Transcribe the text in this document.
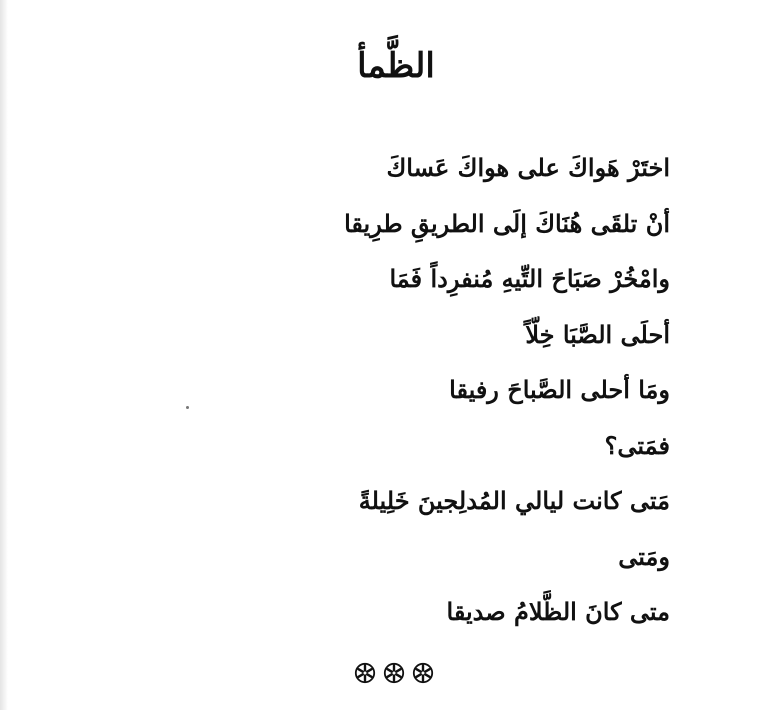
الظَّمأ
اختَرْ هَواكَ على هواكَ عَساكَ
أنْ تلقَى هُنَاكَ إلَى الطريقِ طرِيقا
وامْخُرْ صَبَاحَ التِّيهِ مُنفرِداً فَمَا
أحلَى الصَّبَا خِلّاً
ومَا أحلى الصَّباحَ رفيقا
فمَتى؟
مَتى كانت ليالي المُدلِجينَ خَلِيلةً
ومَتى
متى كانَ الظَّلامُ صديقا
